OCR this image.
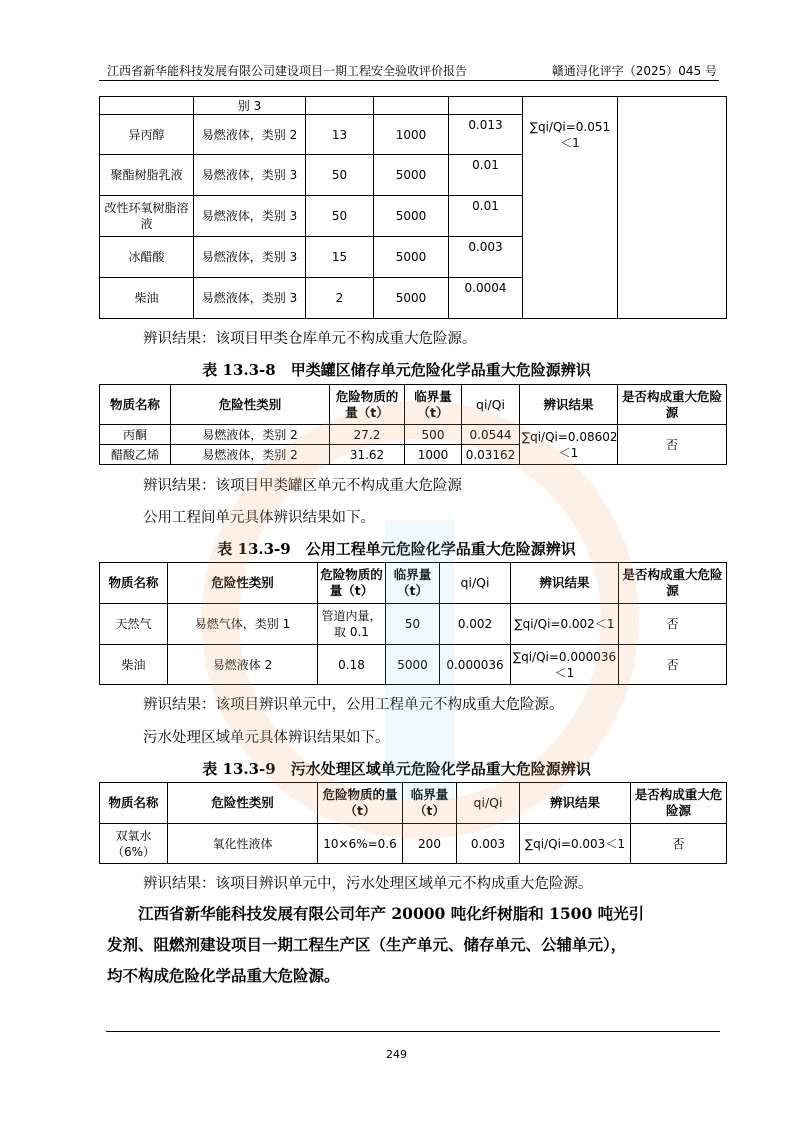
江西省新华能科技发展有限公司建设项目一期工程安全验收评价报告	赣通浔化评字（2025）045 号
	别 3				∑qi/Qi=0.051＜1	
异丙醇	易燃液体，类别 2	13	1000	0.013		
聚酯树脂乳液	易燃液体，类别 3	50	5000	0.01		
改性环氧树脂溶液	易燃液体，类别 3	50	5000	0.01		
冰醋酸	易燃液体，类别 3	15	5000	0.003		
柴油	易燃液体，类别 3	2	5000	0.0004		
辨识结果：该项目甲类仓库单元不构成重大危险源。
表 13.3-8　甲类罐区储存单元危险化学品重大危险源辨识
物质名称	危险性类别	危险物质的量（t）	临界量（t）	qi/Qi	辨识结果	是否构成重大危险源
丙酮	易燃液体，类别 2	27.2	500	0.0544	∑qi/Qi=0.08602＜1	否
醋酸乙烯	易燃液体，类别 2	31.62	1000	0.03162		
辨识结果：该项目甲类罐区单元不构成重大危险源
公用工程间单元具体辨识结果如下。
表 13.3-9　公用工程单元危险化学品重大危险源辨识
物质名称	危险性类别	危险物质的量（t）	临界量（t）	qi/Qi	辨识结果	是否构成重大危险源
天然气	易燃气体，类别 1	管道内量，取 0.1	50	0.002	∑qi/Qi=0.002＜1	否
柴油	易燃液体 2	0.18	5000	0.000036	∑qi/Qi=0.000036＜1	否
辨识结果：该项目辨识单元中，公用工程单元不构成重大危险源。
污水处理区域单元具体辨识结果如下。
表 13.3-9　污水处理区域单元危险化学品重大危险源辨识
物质名称	危险性类别	危险物质的量（t）	临界量（t）	qi/Qi	辨识结果	是否构成重大危险源
双氧水（6%）	氧化性液体	10×6%=0.6	200	0.003	∑qi/Qi=0.003＜1	否
辨识结果：该项目辨识单元中，污水处理区域单元不构成重大危险源。

　　江西省新华能科技发展有限公司年产 20000 吨化纤树脂和 1500 吨光引

发剂、阻燃剂建设项目一期工程生产区（生产单元、储存单元、公辅单元），

均不构成危险化学品重大危险源。

249
